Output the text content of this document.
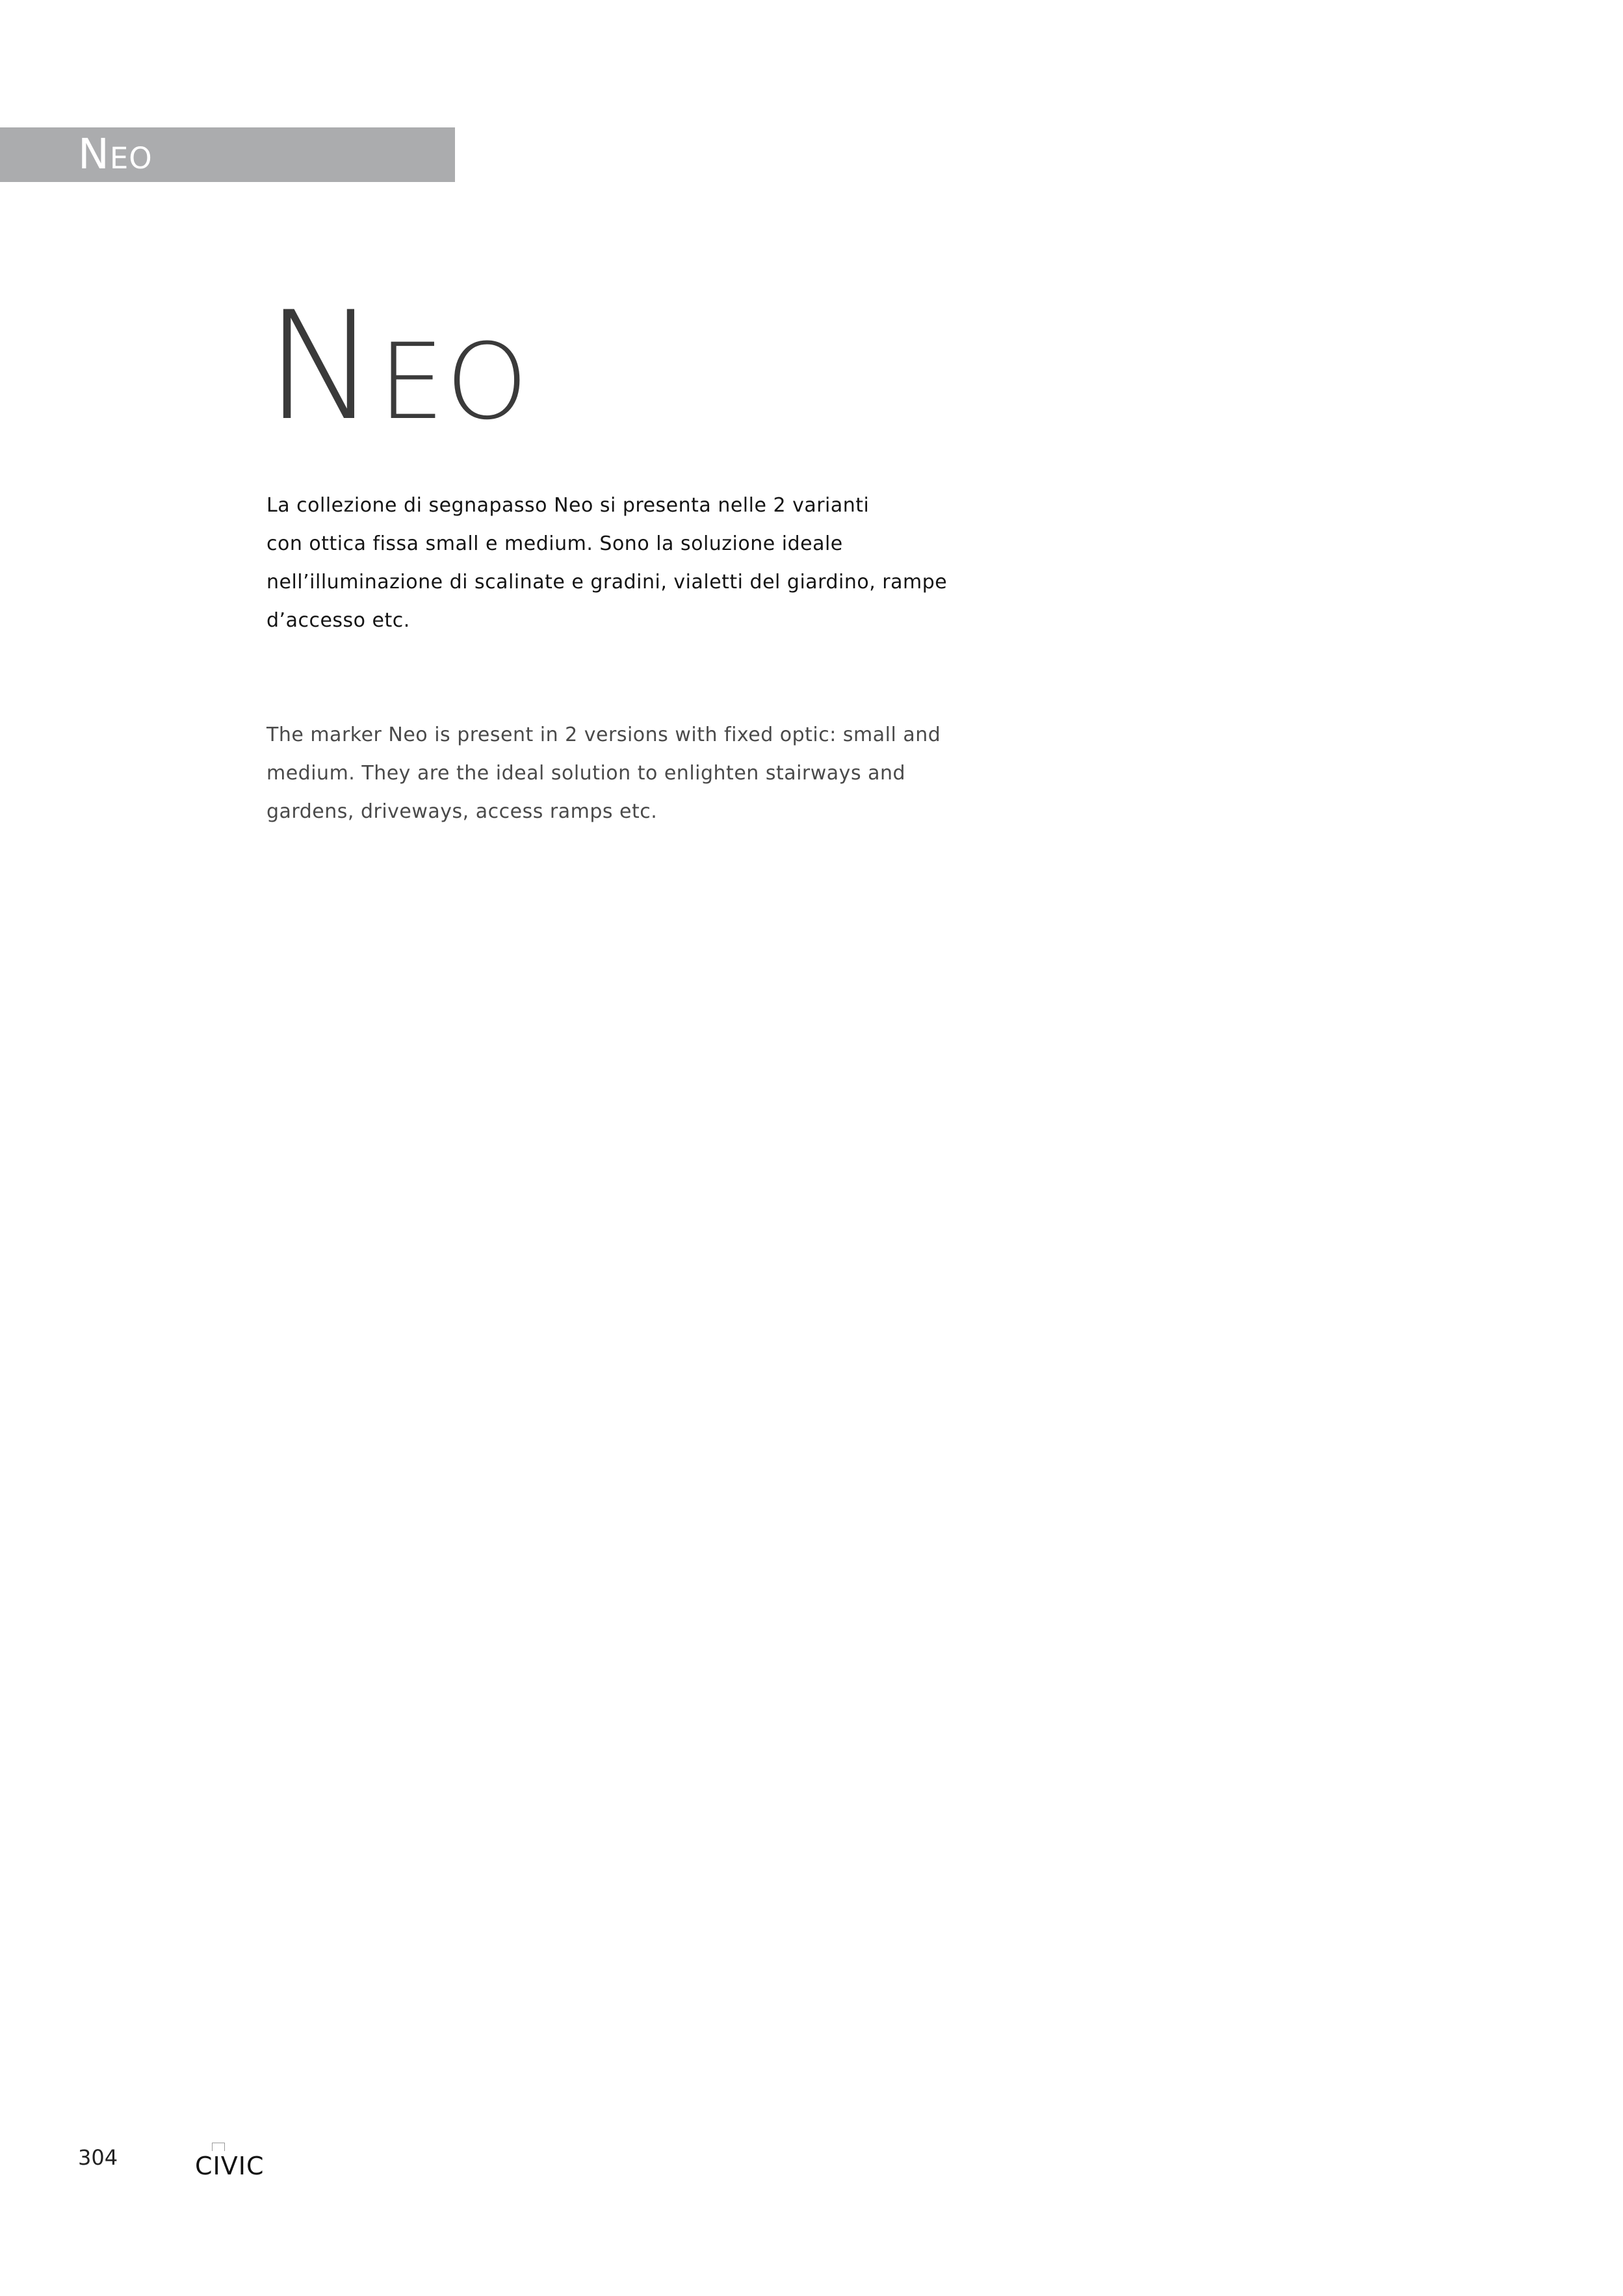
Neo
Neo
La collezione di segnapasso Neo si presenta nelle 2 varianti
con ottica fissa small e medium. Sono la soluzione ideale
nell’illuminazione di scalinate e gradini, vialetti del giardino, rampe
d’accesso etc.
The marker Neo is present in 2 versions with fixed optic: small and
medium. They are the ideal solution to enlighten stairways and
gardens, driveways, access ramps etc.
304	CIVIC
